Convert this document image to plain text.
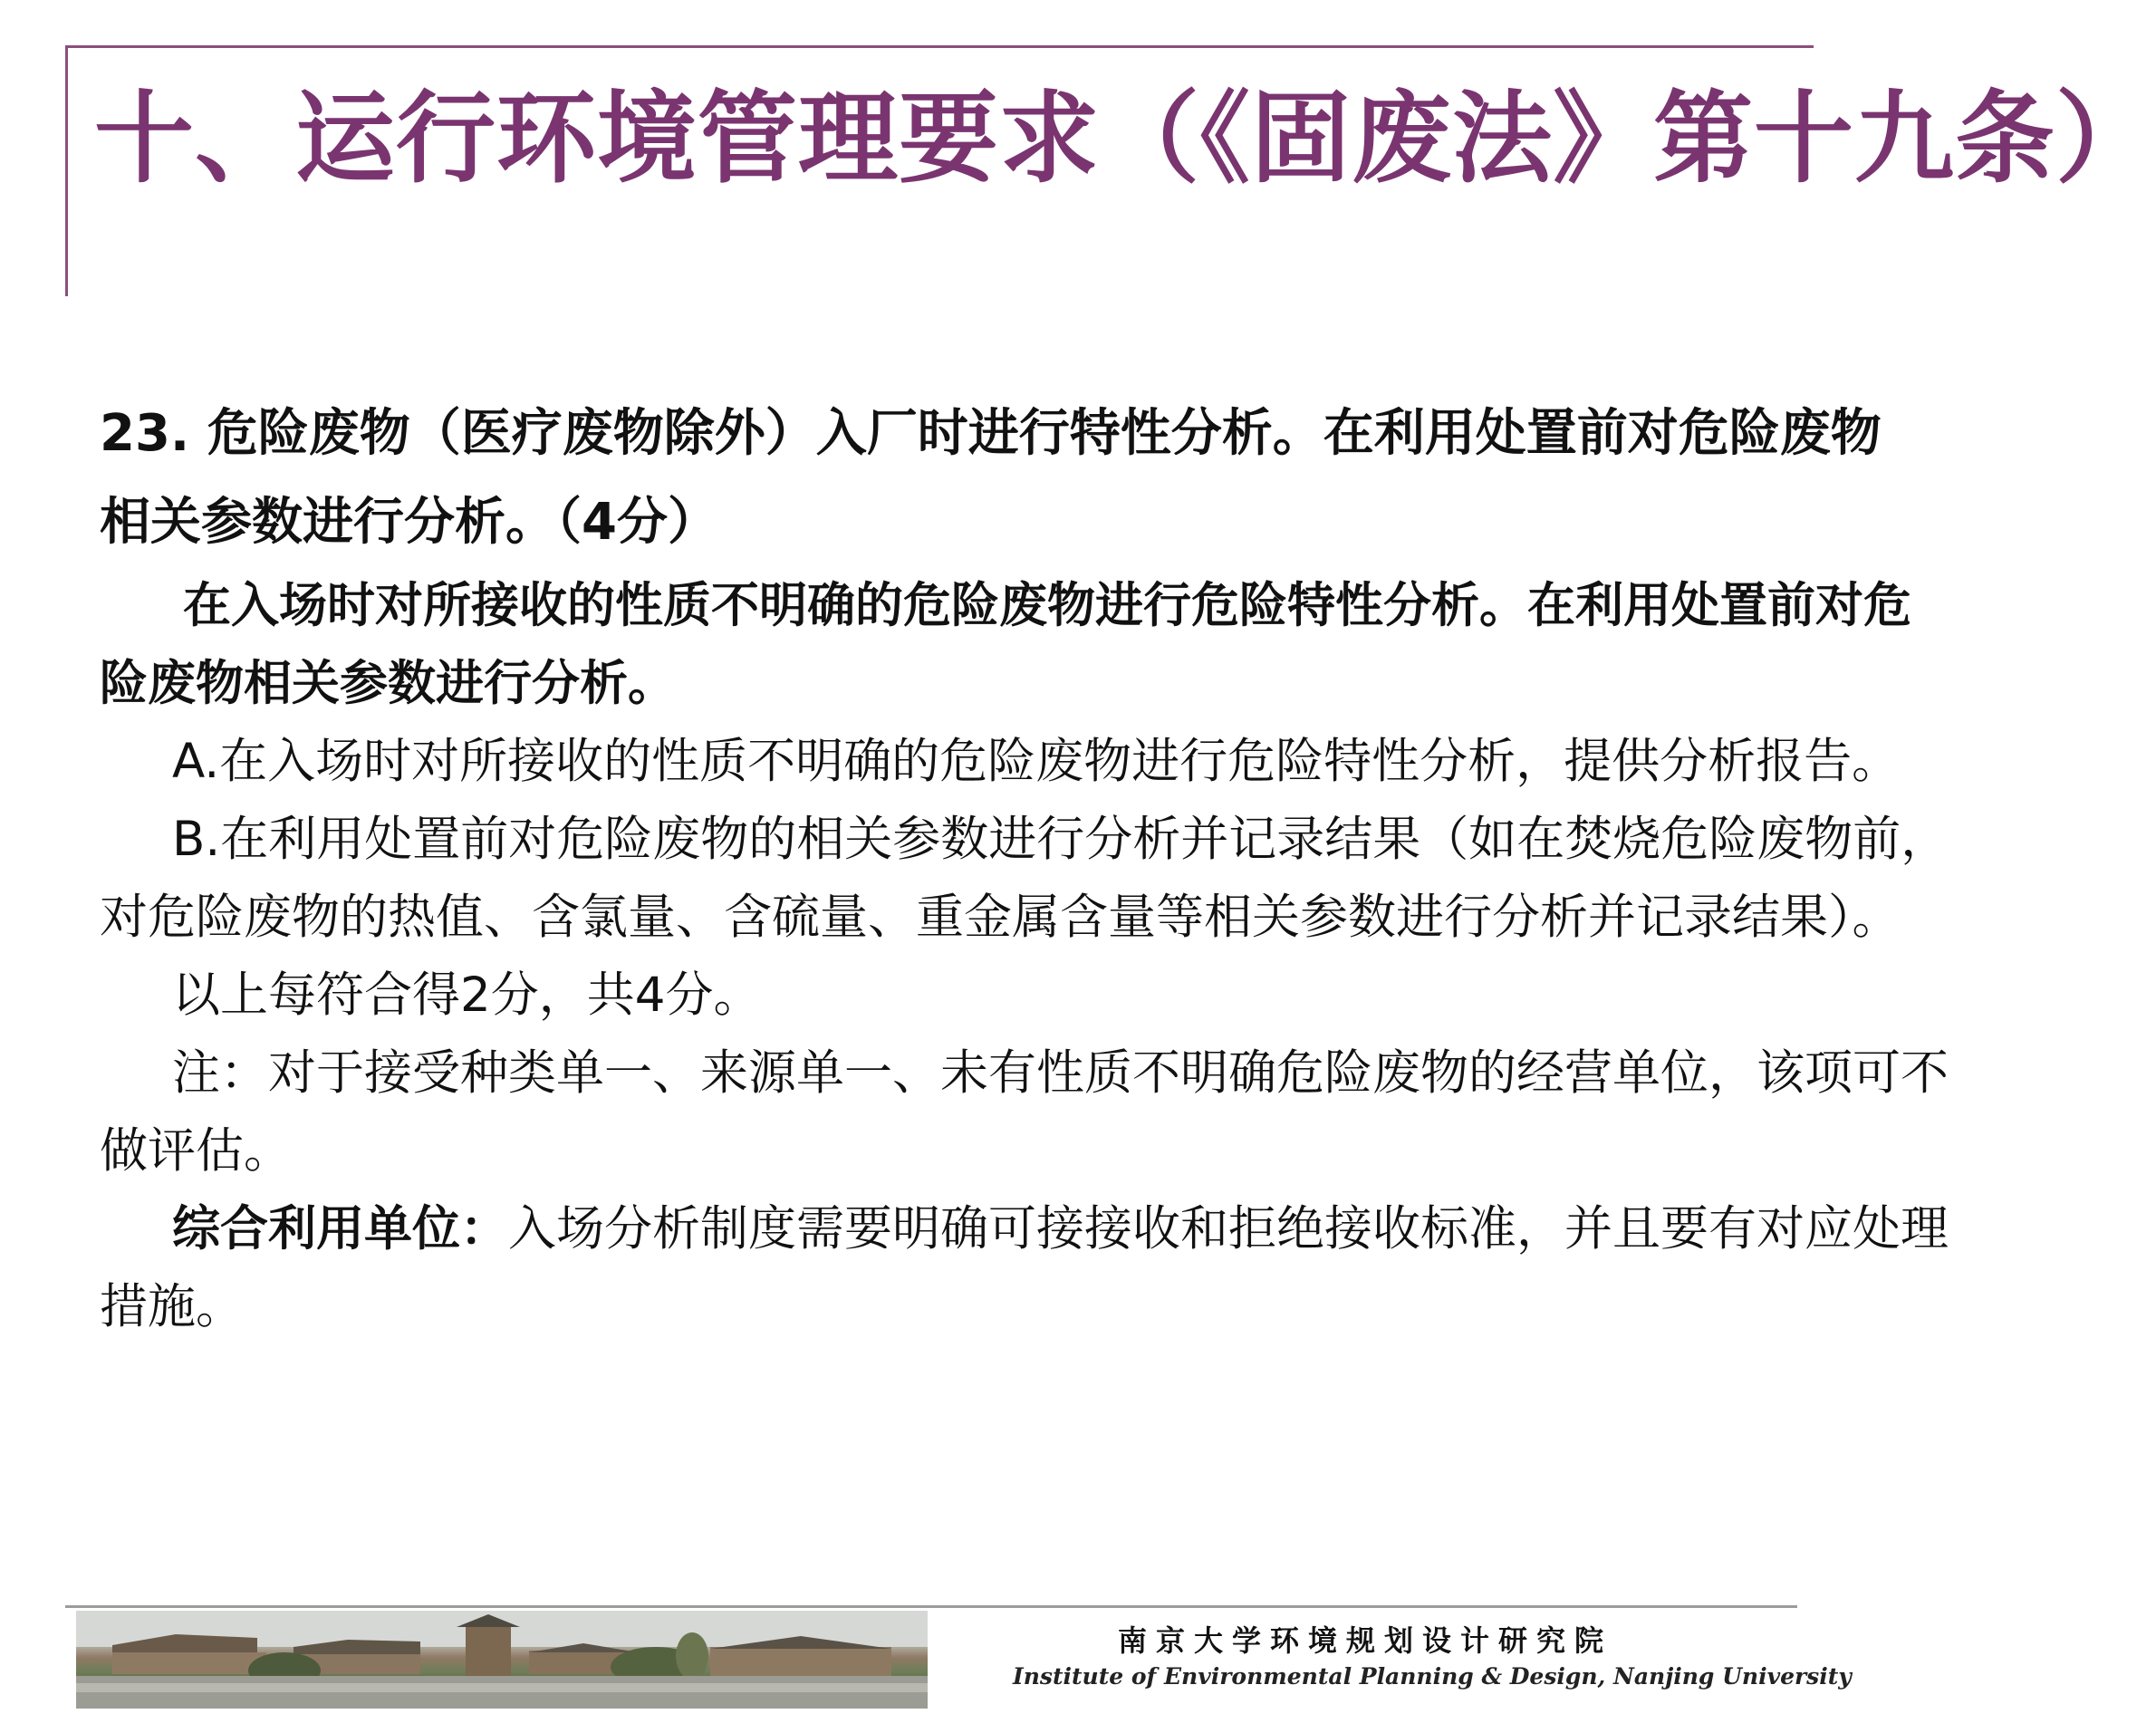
十、运行环境管理要求（《固废法》第十九条）

23. 危险废物（医疗废物除外）入厂时进行特性分析。在利用处置前对危险废物

相关参数进行分析。（4分）

在入场时对所接收的性质不明确的危险废物进行危险特性分析。在利用处置前对危

险废物相关参数进行分析。

A.在入场时对所接收的性质不明确的危险废物进行危险特性分析，提供分析报告。

B.在利用处置前对危险废物的相关参数进行分析并记录结果（如在焚烧危险废物前，

对危险废物的热值、含氯量、含硫量、重金属含量等相关参数进行分析并记录结果）。

以上每符合得2分，共4分。

注：对于接受种类单一、来源单一、未有性质不明确危险废物的经营单位，该项可不

做评估。

综合利用单位：入场分析制度需要明确可接接收和拒绝接收标准，并且要有对应处理

措施。

南京大学环境规划设计研究院
Institute of Environmental Planning & Design, Nanjing University
